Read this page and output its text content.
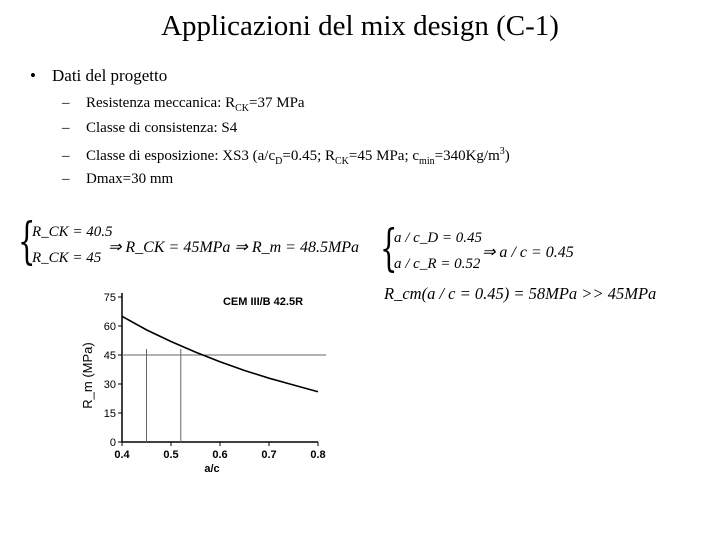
Applicazioni del mix design (C-1)
• Dati del progetto
– Resistenza meccanica: $R_{CK}=37$ MPa
– Classe di consistenza: S4
– Classe di esposizione: XS3 ($a/c_D=0.45$; $R_{CK}=45$ MPa; $c_{min}=340Kg/m^3$)
– Dmax=30 mm
{
R_CK = 40.5
R_CK = 45
⇒ R_CK = 45MPa ⇒ R_m = 48.5MPa {
a / c_D = 0.45
a / c_R = 0.52
⇒ a / c = 0.45
R_cm(a / c = 0.45) = 58MPa >> 45MPa
0
15
30
45
60
75
0.4	0.5	0.6	0.7	0.8
CEM III/B 42.5R
a/c
R_m (MPa)
